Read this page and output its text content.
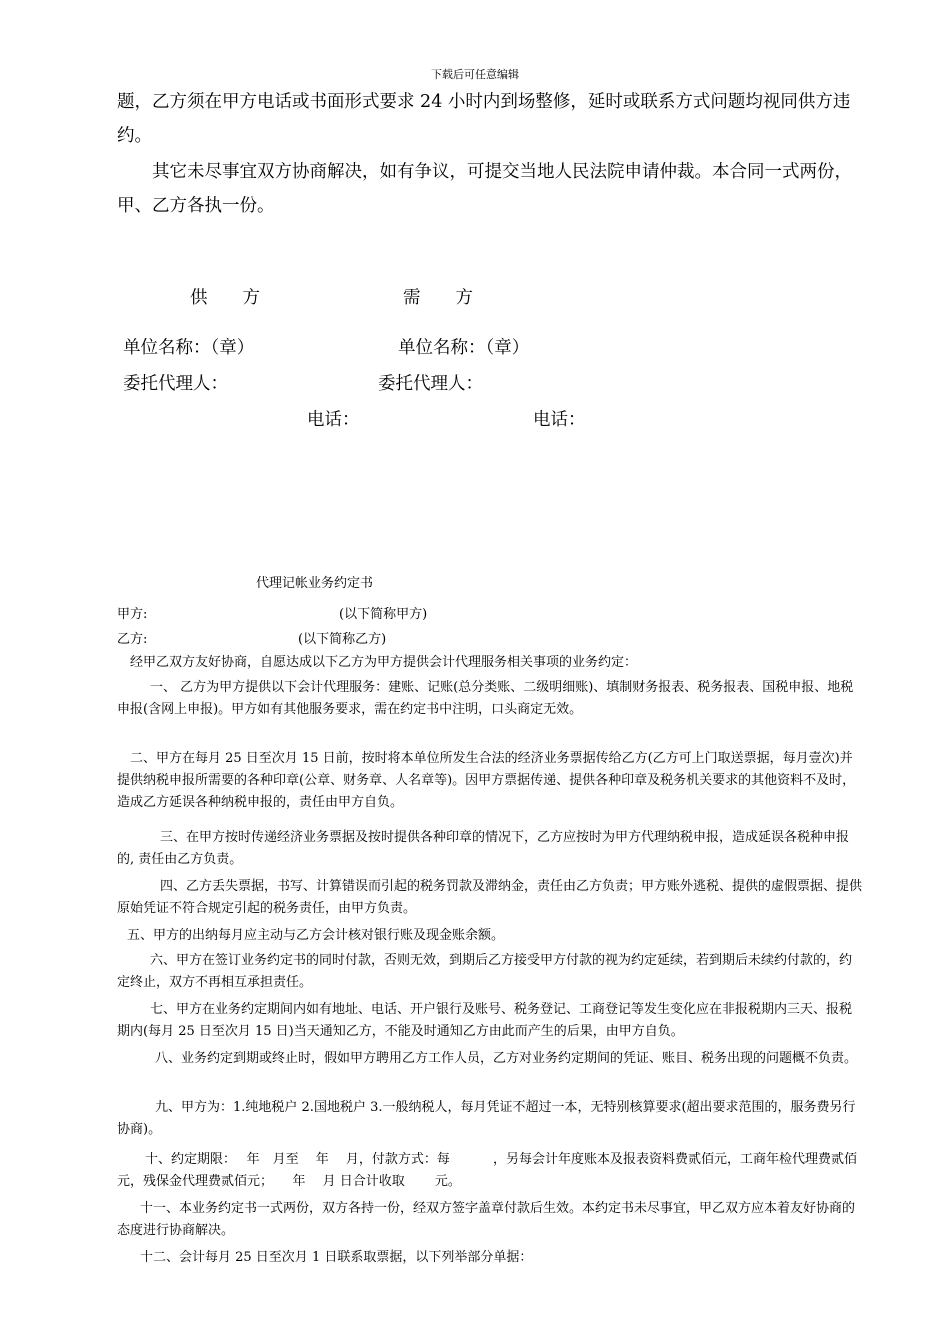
下载后可任意编辑

题，乙方须在甲方电话或书面形式要求 24 小时内到场整修，延时或联系方式问题均视同供方违约。

其它未尽事宜双方协商解决，如有争议，可提交当地人民法院申请仲裁。本合同一式两份，甲、乙方各执一份。

供　　方	需　　方
单位名称：（章）	单位名称：（章）
委托代理人：	委托代理人：
电话：	电话：
代理记帐业务约定书
甲方:	(以下简称甲方)
乙方:	(以下简称乙方)

经甲乙双方友好协商，自愿达成以下乙方为甲方提供会计代理服务相关事项的业务约定：

一、 乙方为甲方提供以下会计代理服务：建账、记账(总分类账、二级明细账)、填制财务报表、税务报表、国税申报、地税申报(含网上申报)。甲方如有其他服务要求，需在约定书中注明，口头商定无效。

二、甲方在每月 25 日至次月 15 日前，按时将本单位所发生合法的经济业务票据传给乙方(乙方可上门取送票据，每月壹次)并提供纳税申报所需要的各种印章(公章、财务章、人名章等)。因甲方票据传递、提供各种印章及税务机关要求的其他资料不及时，造成乙方延误各种纳税申报的，责任由甲方自负。

三、在甲方按时传递经济业务票据及按时提供各种印章的情况下，乙方应按时为甲方代理纳税申报，造成延误各税种申报的, 责任由乙方负责。

四、乙方丢失票据，书写、计算错误而引起的税务罚款及滞纳金，责任由乙方负责；甲方账外逃税、提供的虚假票据、提供原始凭证不符合规定引起的税务责任，由甲方负责。

五、甲方的出纳每月应主动与乙方会计核对银行账及现金账余额。

六、甲方在签订业务约定书的同时付款，否则无效，到期后乙方接受甲方付款的视为约定延续，若到期后未续约付款的，约定终止，双方不再相互承担责任。

七、甲方在业务约定期间内如有地址、电话、开户银行及账号、税务登记、工商登记等发生变化应在非报税期内三天、报税期内(每月 25 日至次月 15 日)当天通知乙方，不能及时通知乙方由此而产生的后果，由甲方自负。

八、业务约定到期或终止时，假如甲方聘用乙方工作人员，乙方对业务约定期间的凭证、账目、税务出现的问题概不负责。

九、甲方为：1.纯地税户 2.国地税户 3.一般纳税人，每月凭证不超过一本，无特别核算要求(超出要求范围的，服务费另行协商)。

十、约定期限：　 年　月至　 年　 月，付款方式：每　　　 ，另每会计年度账本及报表资料费贰佰元，工商年检代理费贰佰元，残保金代理费贰佰元；　　年　 月 日合计收取　　 元。

十一、本业务约定书一式两份，双方各持一份，经双方签字盖章付款后生效。本约定书未尽事宜，甲乙双方应本着友好协商的态度进行协商解决。

十二、会计每月 25 日至次月 1 日联系取票据，以下列举部分单据：
